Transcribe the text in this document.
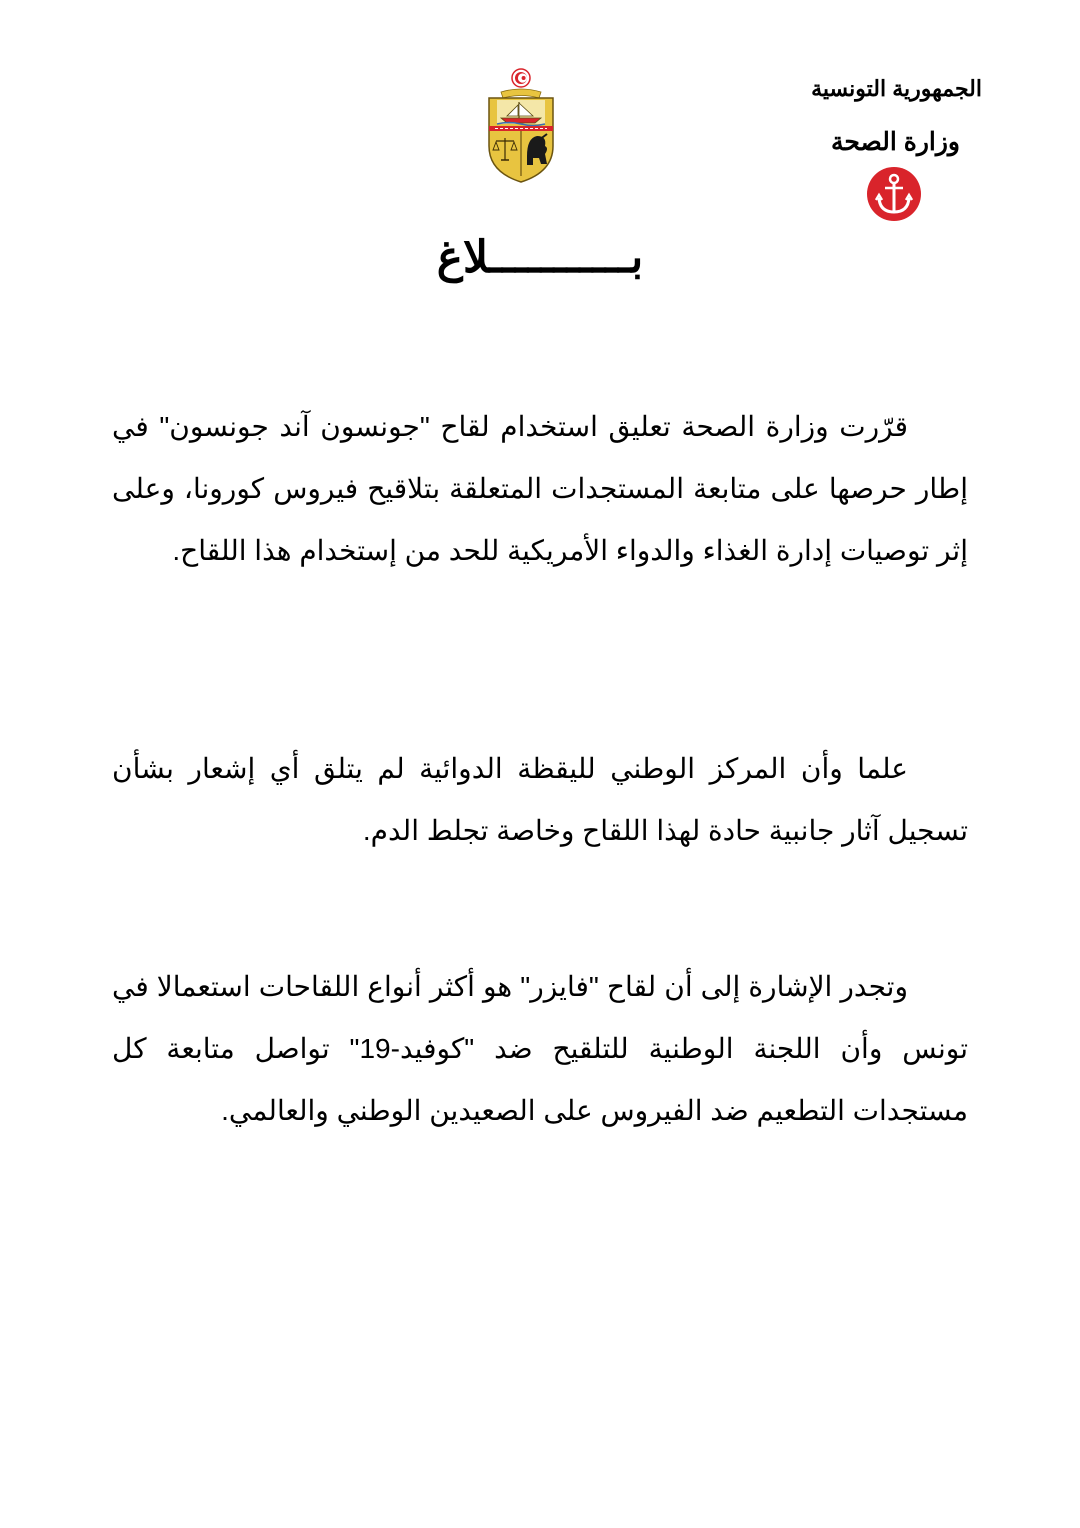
الجمهورية التونسية
وزارة الصحة
بـــــــــــلاغ

قرّرت وزارة الصحة تعليق استخدام لقاح "جونسون آند جونسون" في إطار حرصها على متابعة المستجدات المتعلقة بتلاقيح فيروس كورونا، وعلى إثر توصيات إدارة الغذاء والدواء الأمريكية للحد من إستخدام هذا اللقاح.

علما وأن المركز الوطني لليقظة الدوائية لم يتلق أي إشعار بشأن تسجيل آثار جانبية حادة لهذا اللقاح وخاصة تجلط الدم.

وتجدر الإشارة إلى أن لقاح "فايزر" هو أكثر أنواع اللقاحات استعمالا في تونس وأن اللجنة الوطنية للتلقيح ضد "كوفيد-19" تواصل متابعة كل مستجدات التطعيم ضد الفيروس على الصعيدين الوطني والعالمي.
